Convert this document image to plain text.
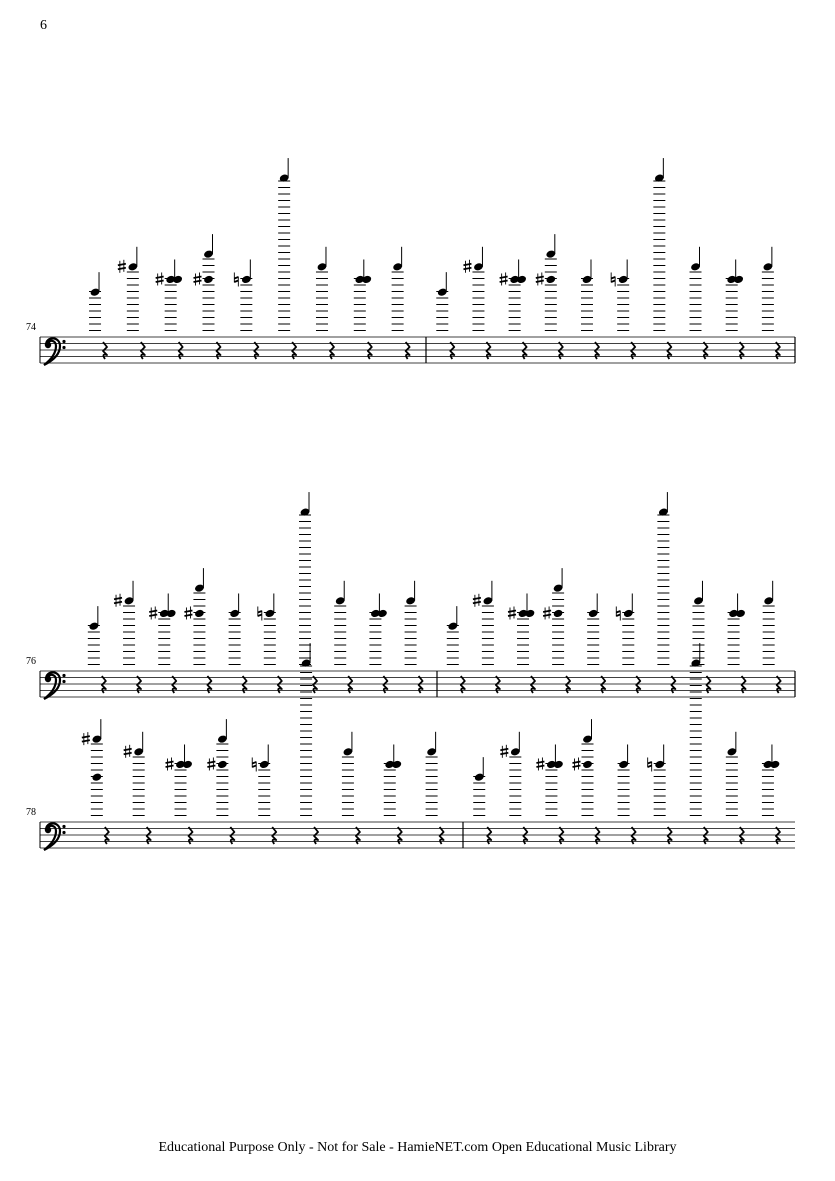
6
74
76
78
Educational Purpose Only - Not for Sale - HamieNET.com Open Educational Music Library
